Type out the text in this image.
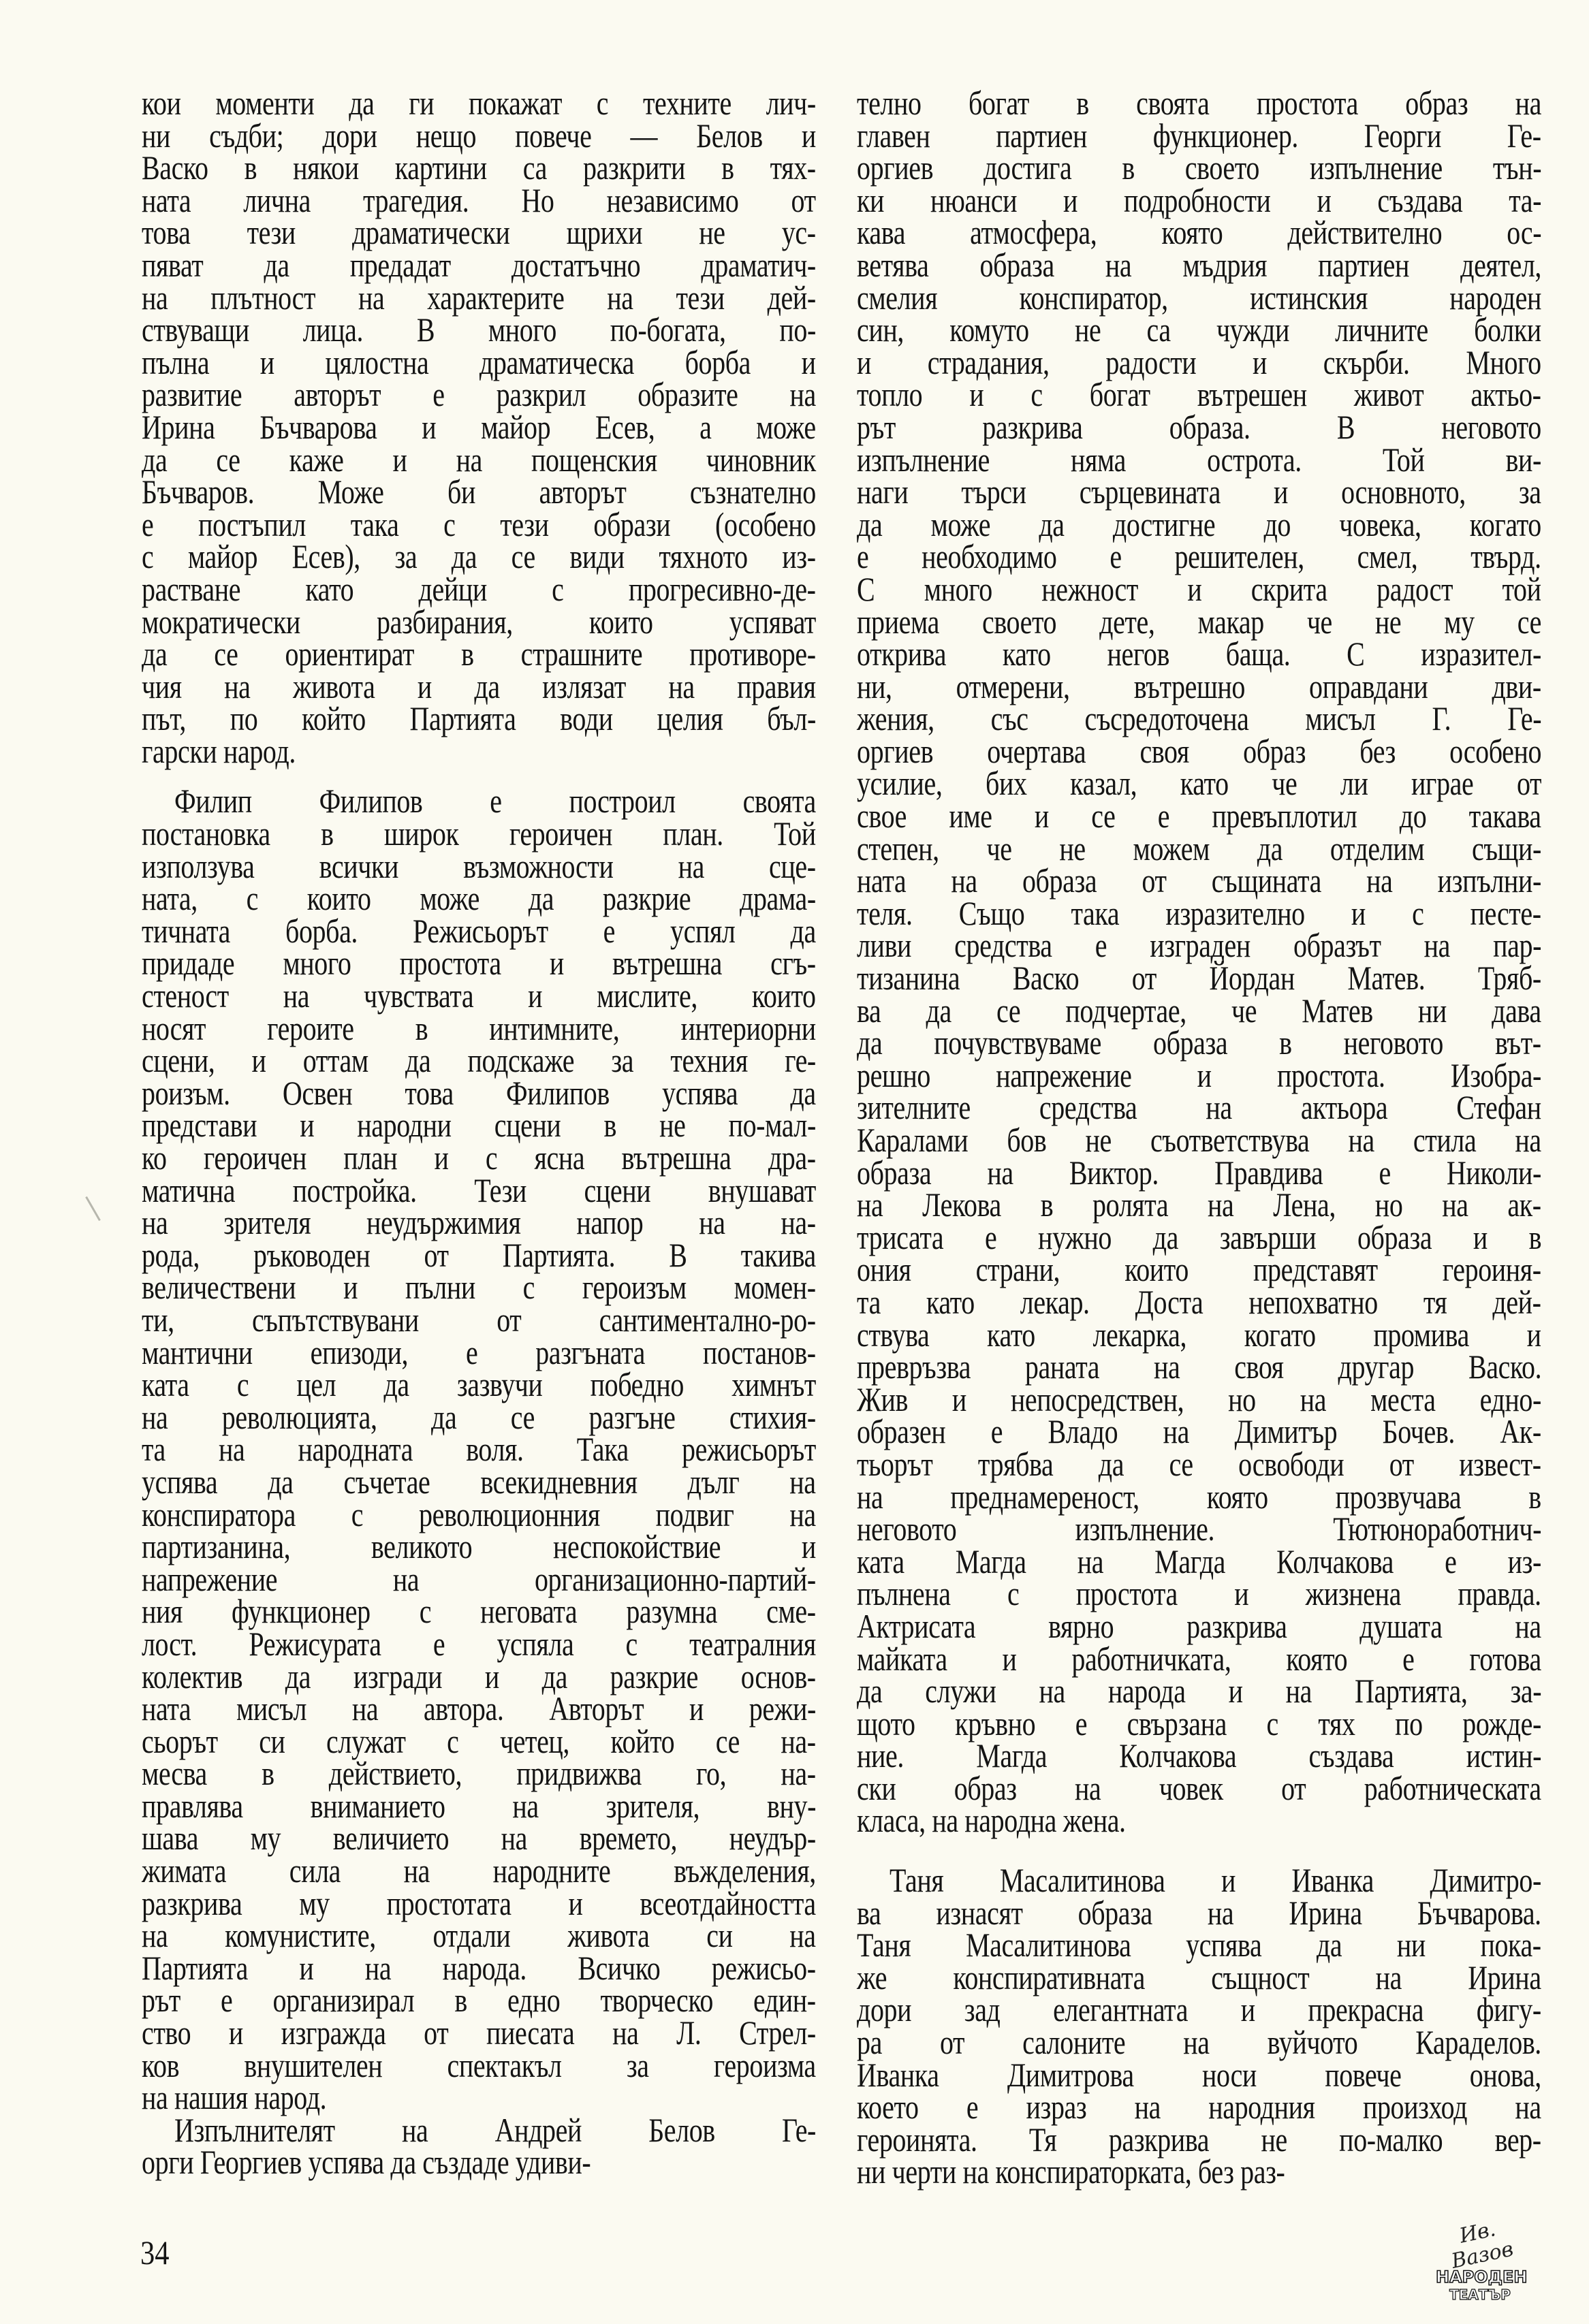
кои моменти да ги покажат с техните лич-
ни съдби; дори нещо повече — Белов и
Васко в някои картини са разкрити в тях-
ната лична трагедия. Но независимо от
това тези драматически щрихи не ус-
пяват да предадат достатъчно драматич-
на плътност на характерите на тези дей-
ствуващи лица. В много по-богата, по-
пълна и цялостна драматическа борба и
развитие авторът е разкрил образите на
Ирина Бъчварова и майор Есев, а може
да се каже и на пощенския чиновник
Бъчваров. Може би авторът съзнателно
е постъпил така с тези образи (особено
с майор Есев), за да се види тяхното из-
растване като дейци с прогресивно-де-
мократически разбирания, които успяват
да се ориентират в страшните противоре-
чия на живота и да излязат на правия
път, по който Партията води целия бъл-
гарски народ.
Филип Филипов е построил своята
постановка в широк героичен план. Той
използува всички възможности на сце-
ната, с които може да разкрие драма-
тичната борба. Режисьорът е успял да
придаде много простота и вътрешна сгъ-
стеност на чувствата и мислите, които
носят героите в интимните, интериорни
сцени, и оттам да подскаже за техния ге-
роизъм. Освен това Филипов успява да
представи и народни сцени в не по-мал-
ко героичен план и с ясна вътрешна дра-
матична постройка. Тези сцени внушават
на зрителя неудържимия напор на на-
рода, ръководен от Партията. В такива
величествени и пълни с героизъм момен-
ти, съпътствувани от сантиментално-ро-
мантични епизоди, е разгъната постанов-
ката с цел да зазвучи победно химнът
на революцията, да се разгъне стихия-
та на народната воля. Така режисьорът
успява да съчетае всекидневния дълг на
конспиратора с революционния подвиг на
партизанина, великото неспокойствие и
напрежение на организационно-партий-
ния функционер с неговата разумна сме-
лост. Режисурата е успяла с театралния
колектив да изгради и да разкрие основ-
ната мисъл на автора. Авторът и режи-
сьорът си служат с четец, който се на-
месва в действието, придвижва го, на-
правлява вниманието на зрителя, вну-
шава му величието на времето, неудър-
жимата сила на народните въжделения,
разкрива му простотата и всеотдайността
на комунистите, отдали живота си на
Партията и на народа. Всичко режисьо-
рът е организирал в едно творческо един-
ство и изгражда от пиесата на Л. Стрел-
ков внушителен спектакъл за героизма
на нашия народ.
Изпълнителят на Андрей Белов Ге-
орги Георгиев успява да създаде удиви-
телно богат в своята простота образ на
главен партиен функционер. Георги Ге-
оргиев достига в своето изпълнение тън-
ки нюанси и подробности и създава та-
кава атмосфера, която действително ос-
ветява образа на мъдрия партиен деятел,
смелия конспиратор, истинския народен
син, комуто не са чужди личните болки
и страдания, радости и скърби. Много
топло и с богат вътрешен живот актьо-
рът разкрива образа. В неговото
изпълнение няма острота. Той ви-
наги търси сърцевината и основното, за
да може да достигне до човека, когато
е необходимо е решителен, смел, твърд.
С много нежност и скрита радост той
приема своето дете, макар че не му се
открива като негов баща. С изразител-
ни, отмерени, вътрешно оправдани дви-
жения, със съсредоточена мисъл Г. Ге-
оргиев очертава своя образ без особено
усилие, бих казал, като че ли играе от
свое име и се е превъплотил до такава
степен, че не можем да отделим същи-
ната на образа от същината на изпълни-
теля. Също така изразително и с песте-
ливи средства е изграден образът на пар-
тизанина Васко от Йордан Матев. Тряб-
ва да се подчертае, че Матев ни дава
да почувствуваме образа в неговото вът-
решно напрежение и простота. Изобра-
зителните средства на актьора Стефан
Каралами бов не съответствува на стила на
образа на Виктор. Правдива е Николи-
на Лекова в ролята на Лена, но на ак-
трисата е нужно да завърши образа и в
ония страни, които представят героиня-
та като лекар. Доста непохватно тя дей-
ствува като лекарка, когато промива и
превръзва раната на своя другар Васко.
Жив и непосредствен, но на места едно-
образен е Владо на Димитър Бочев. Ак-
тьорът трябва да се освободи от извест-
на преднамереност, която прозвучава в
неговото изпълнение. Тютюноработнич-
ката Магда на Магда Колчакова е из-
пълнена с простота и жизнена правда.
Актрисата вярно разкрива душата на
майката и работничката, която е готова
да служи на народа и на Партията, за-
щото кръвно е свързана с тях по рожде-
ние. Магда Колчакова създава истин-
ски образ на човек от работническата
класа, на народна жена.
Таня Масалитинова и Иванка Димитро-
ва изнасят образа на Ирина Бъчварова.
Таня Масалитинова успява да ни пока-
же конспиративната същност на Ирина
дори зад елегантната и прекрасна фигу-
ра от салоните на вуйчото Караделов.
Иванка Димитрова носи повече онова,
което е израз на народния произход на
героинята. Тя разкрива не по-малко вер-
ни черти на конспираторката, без раз-
34
Ив. Вазов
НАРОДЕН
ТЕАТЪР
